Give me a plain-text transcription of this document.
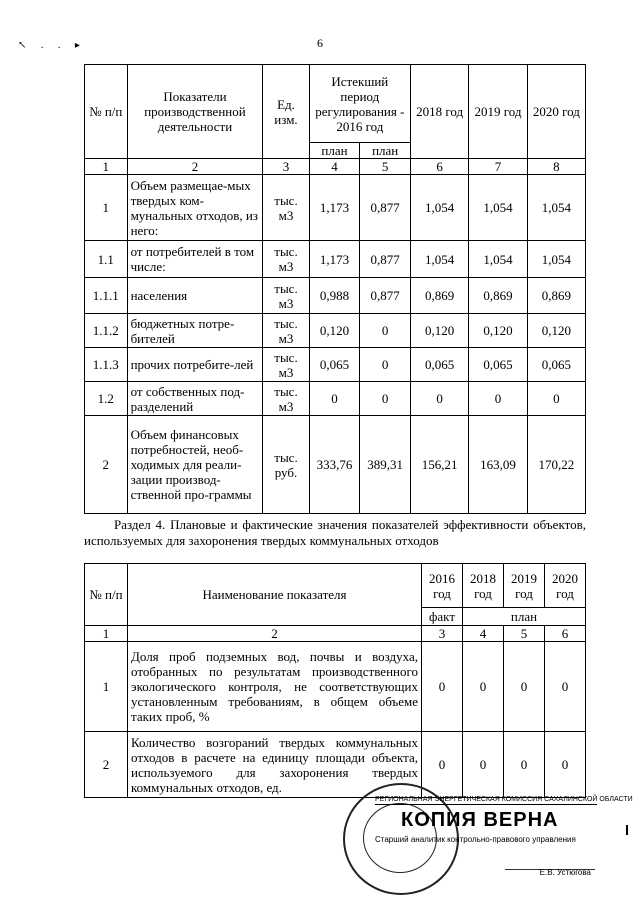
↖ . . ▸	6
№ п/п	Показатели производственной деятельности	Ед. изм.	Истекший период регулирования - 2016 год		2018 год	2019 год	2020 год
			план	план			
1	2	3	4	5	6	7	8
1	Объем размещае-мых твердых ком-мунальных отходов, из него:	тыс. м3	1,173	0,877	1,054	1,054	1,054
1.1	от потребителей в том числе:	тыс. м3	1,173	0,877	1,054	1,054	1,054
1.1.1	населения	тыс. м3	0,988	0,877	0,869	0,869	0,869
1.1.2	бюджетных потре-бителей	тыс. м3	0,120	0	0,120	0,120	0,120
1.1.3	прочих потребите-лей	тыс. м3	0,065	0	0,065	0,065	0,065
1.2	от собственных под-разделений	тыс. м3	0	0	0	0	0
2	Объем финансовых потребностей, необ-ходимых для реали-зации производ-ственной про-граммы	тыс. руб.	333,76	389,31	156,21	163,09	170,22
Раздел 4. Плановые и фактические значения показателей эффективности объектов, используемых для захоронения твердых коммунальных отходов
№ п/п	Наименование показателя	2016 год	2018 год	2019 год	2020 год
		факт	план		
1	2	3	4	5	6
1	Доля проб подземных вод, почвы и воздуха, отобранных по результатам производственного экологического контроля, не соответствующих установленным требованиям, в общем объеме таких проб, %	0	0	0	0
2	Количество возгораний твердых коммунальных отходов в расчете на единицу площади объекта, используемого для захоронения твердых коммунальных отходов, ед.	0	0	0	0
РЕГИОНАЛЬНАЯ ЭНЕРГЕТИЧЕСКАЯ КОМИССИЯ САХАЛИНСКОЙ ОБЛАСТИ
КОПИЯ ВЕРНА
Старший аналитик контрольно-правового управления
Е.В. Устюгова
